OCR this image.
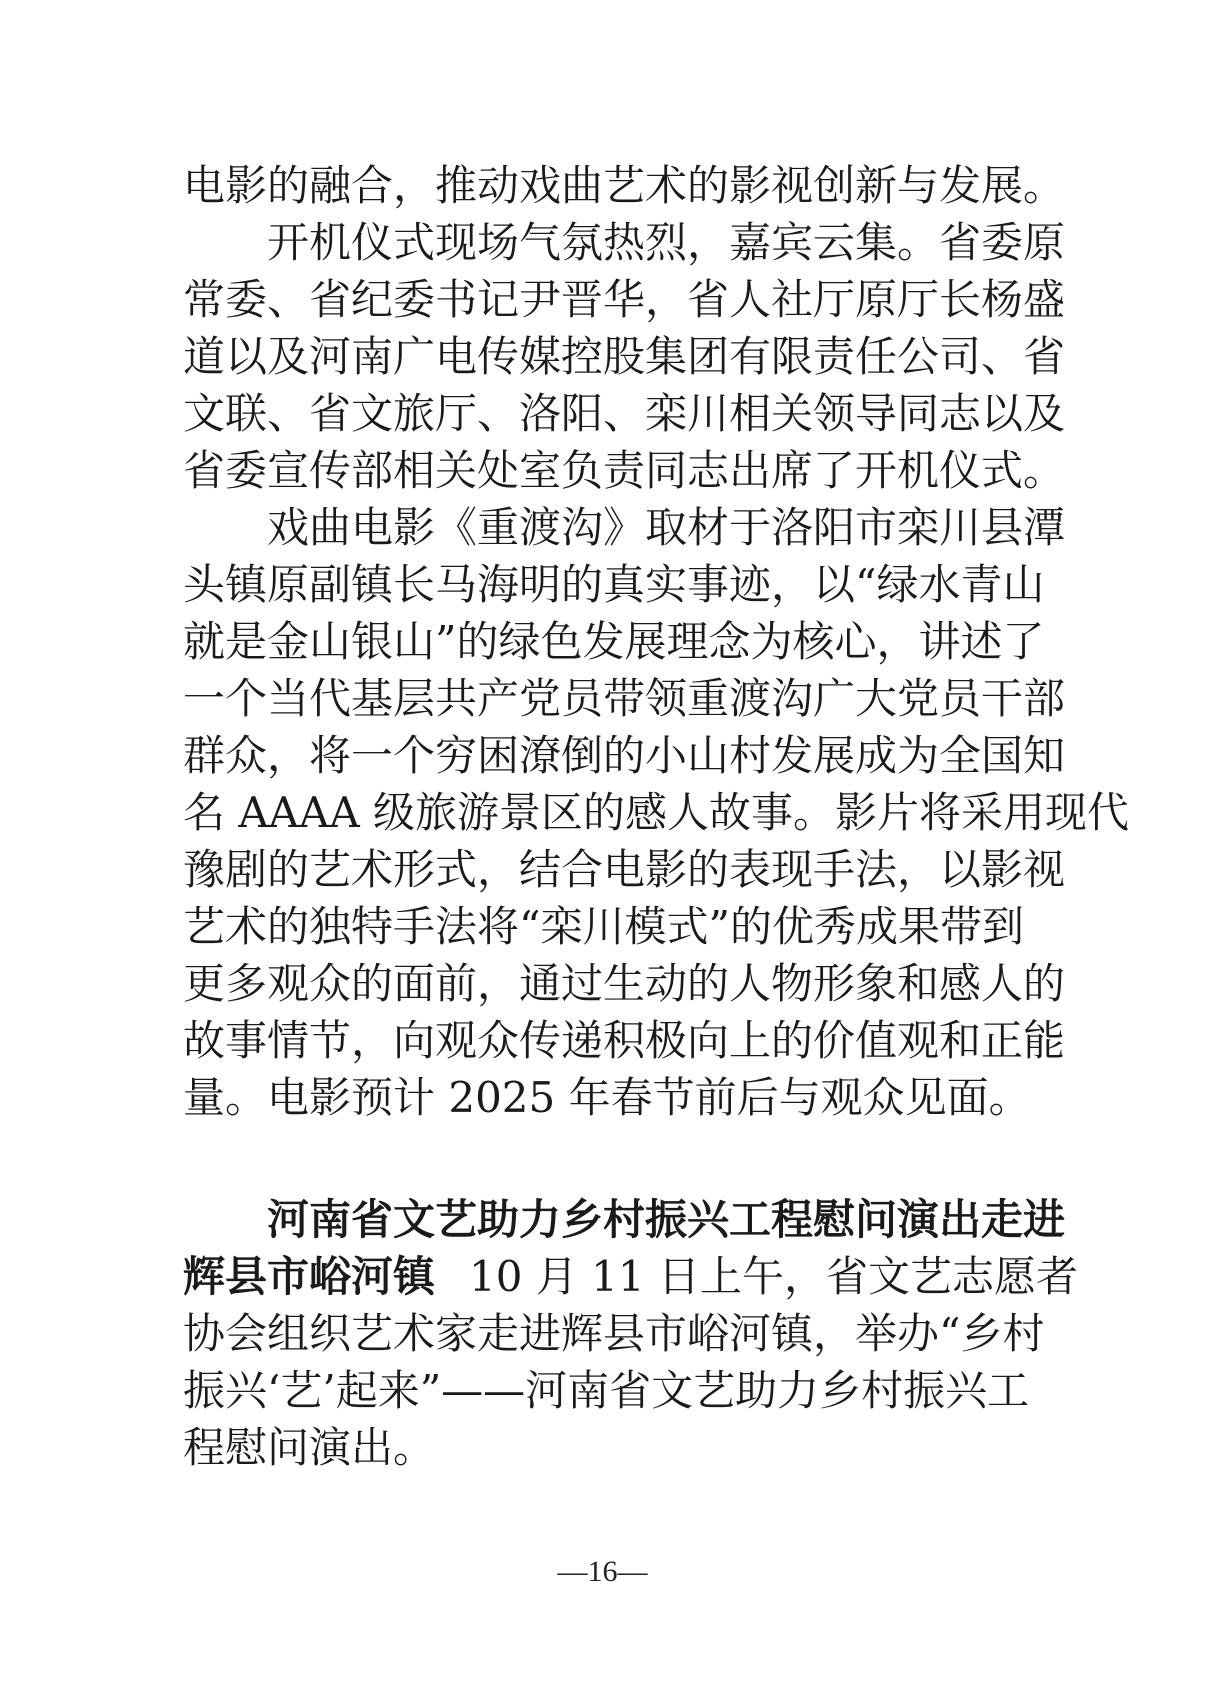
电影的融合，推动戏曲艺术的影视创新与发展。
开机仪式现场气氛热烈，嘉宾云集。省委原
常委、省纪委书记尹晋华，省人社厅原厅长杨盛
道以及河南广电传媒控股集团有限责任公司、省
文联、省文旅厅、洛阳、栾川相关领导同志以及
省委宣传部相关处室负责同志出席了开机仪式。
戏曲电影《重渡沟》取材于洛阳市栾川县潭
头镇原副镇长马海明的真实事迹，以“绿水青山
就是金山银山”的绿色发展理念为核心，讲述了
一个当代基层共产党员带领重渡沟广大党员干部
群众，将一个穷困潦倒的小山村发展成为全国知
名 AAAA 级旅游景区的感人故事。影片将采用现代
豫剧的艺术形式，结合电影的表现手法，以影视
艺术的独特手法将“栾川模式”的优秀成果带到
更多观众的面前，通过生动的人物形象和感人的
故事情节，向观众传递积极向上的价值观和正能
量。电影预计 2025 年春节前后与观众见面。
河南省文艺助力乡村振兴工程慰问演出走进
辉县市峪河镇 10 月 11 日上午，省文艺志愿者
协会组织艺术家走进辉县市峪河镇，举办“乡村
振兴‘艺’起来”——河南省文艺助力乡村振兴工
程慰问演出。
—16—
